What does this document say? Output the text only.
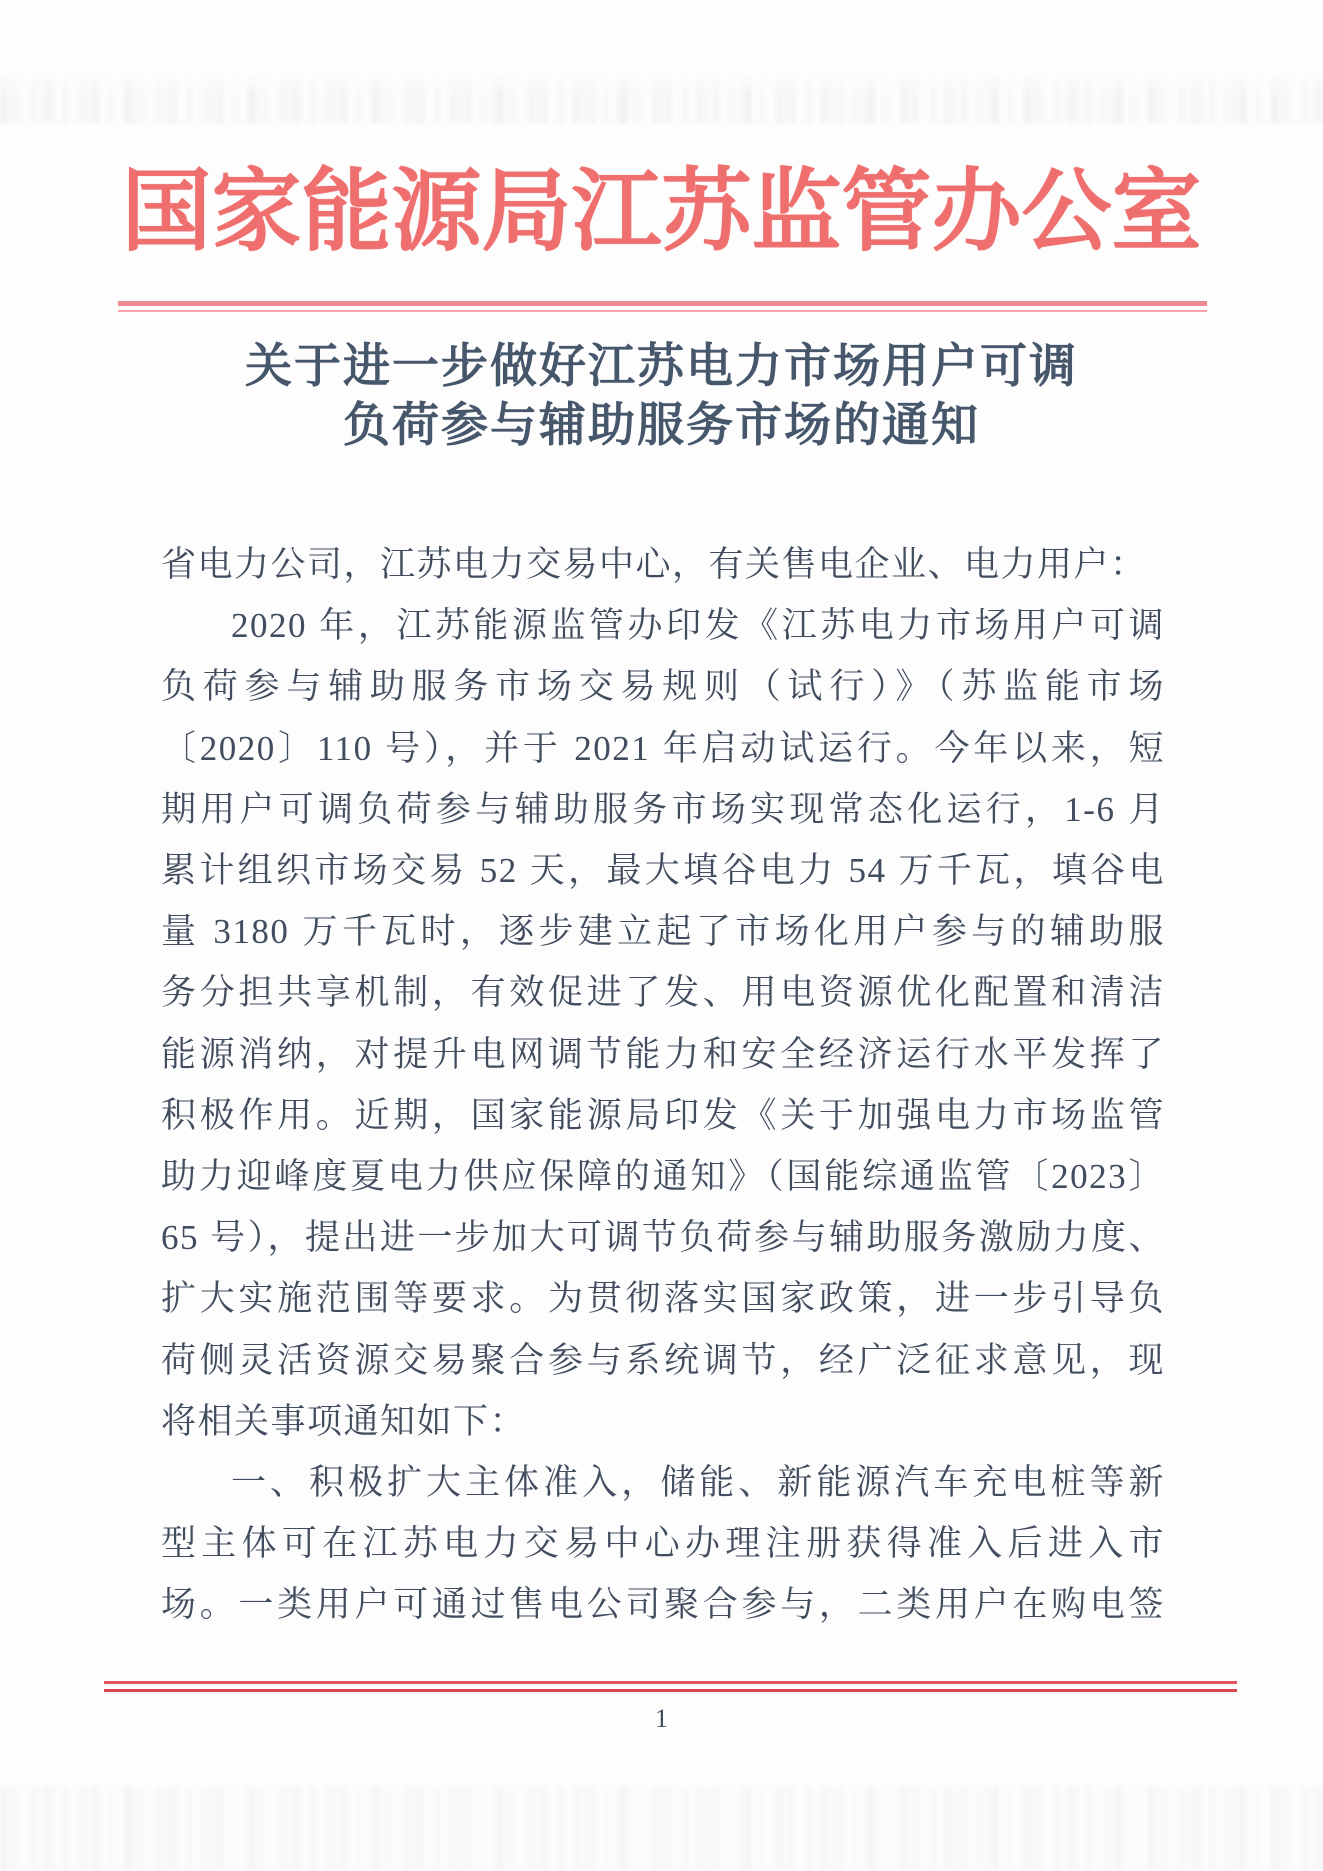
国家能源局江苏监管办公室
关于进一步做好江苏电力市场用户可调
负荷参与辅助服务市场的通知

省电力公司，江苏电力交易中心，有关售电企业、电力用户：

2020 年，江苏能源监管办印发《江苏电力市场用户可调

负荷参与辅助服务市场交易规则（试行）》（苏监能市场

〔2020〕110 号），并于 2021 年启动试运行。今年以来，短

期用户可调负荷参与辅助服务市场实现常态化运行，1-6 月

累计组织市场交易 52 天，最大填谷电力 54 万千瓦，填谷电

量 3180 万千瓦时，逐步建立起了市场化用户参与的辅助服

务分担共享机制，有效促进了发、用电资源优化配置和清洁

能源消纳，对提升电网调节能力和安全经济运行水平发挥了

积极作用。近期，国家能源局印发《关于加强电力市场监管

助力迎峰度夏电力供应保障的通知》（国能综通监管〔2023〕

65 号），提出进一步加大可调节负荷参与辅助服务激励力度、

扩大实施范围等要求。为贯彻落实国家政策，进一步引导负

荷侧灵活资源交易聚合参与系统调节，经广泛征求意见，现

将相关事项通知如下：

一、积极扩大主体准入，储能、新能源汽车充电桩等新

型主体可在江苏电力交易中心办理注册获得准入后进入市

场。一类用户可通过售电公司聚合参与，二类用户在购电签

1
